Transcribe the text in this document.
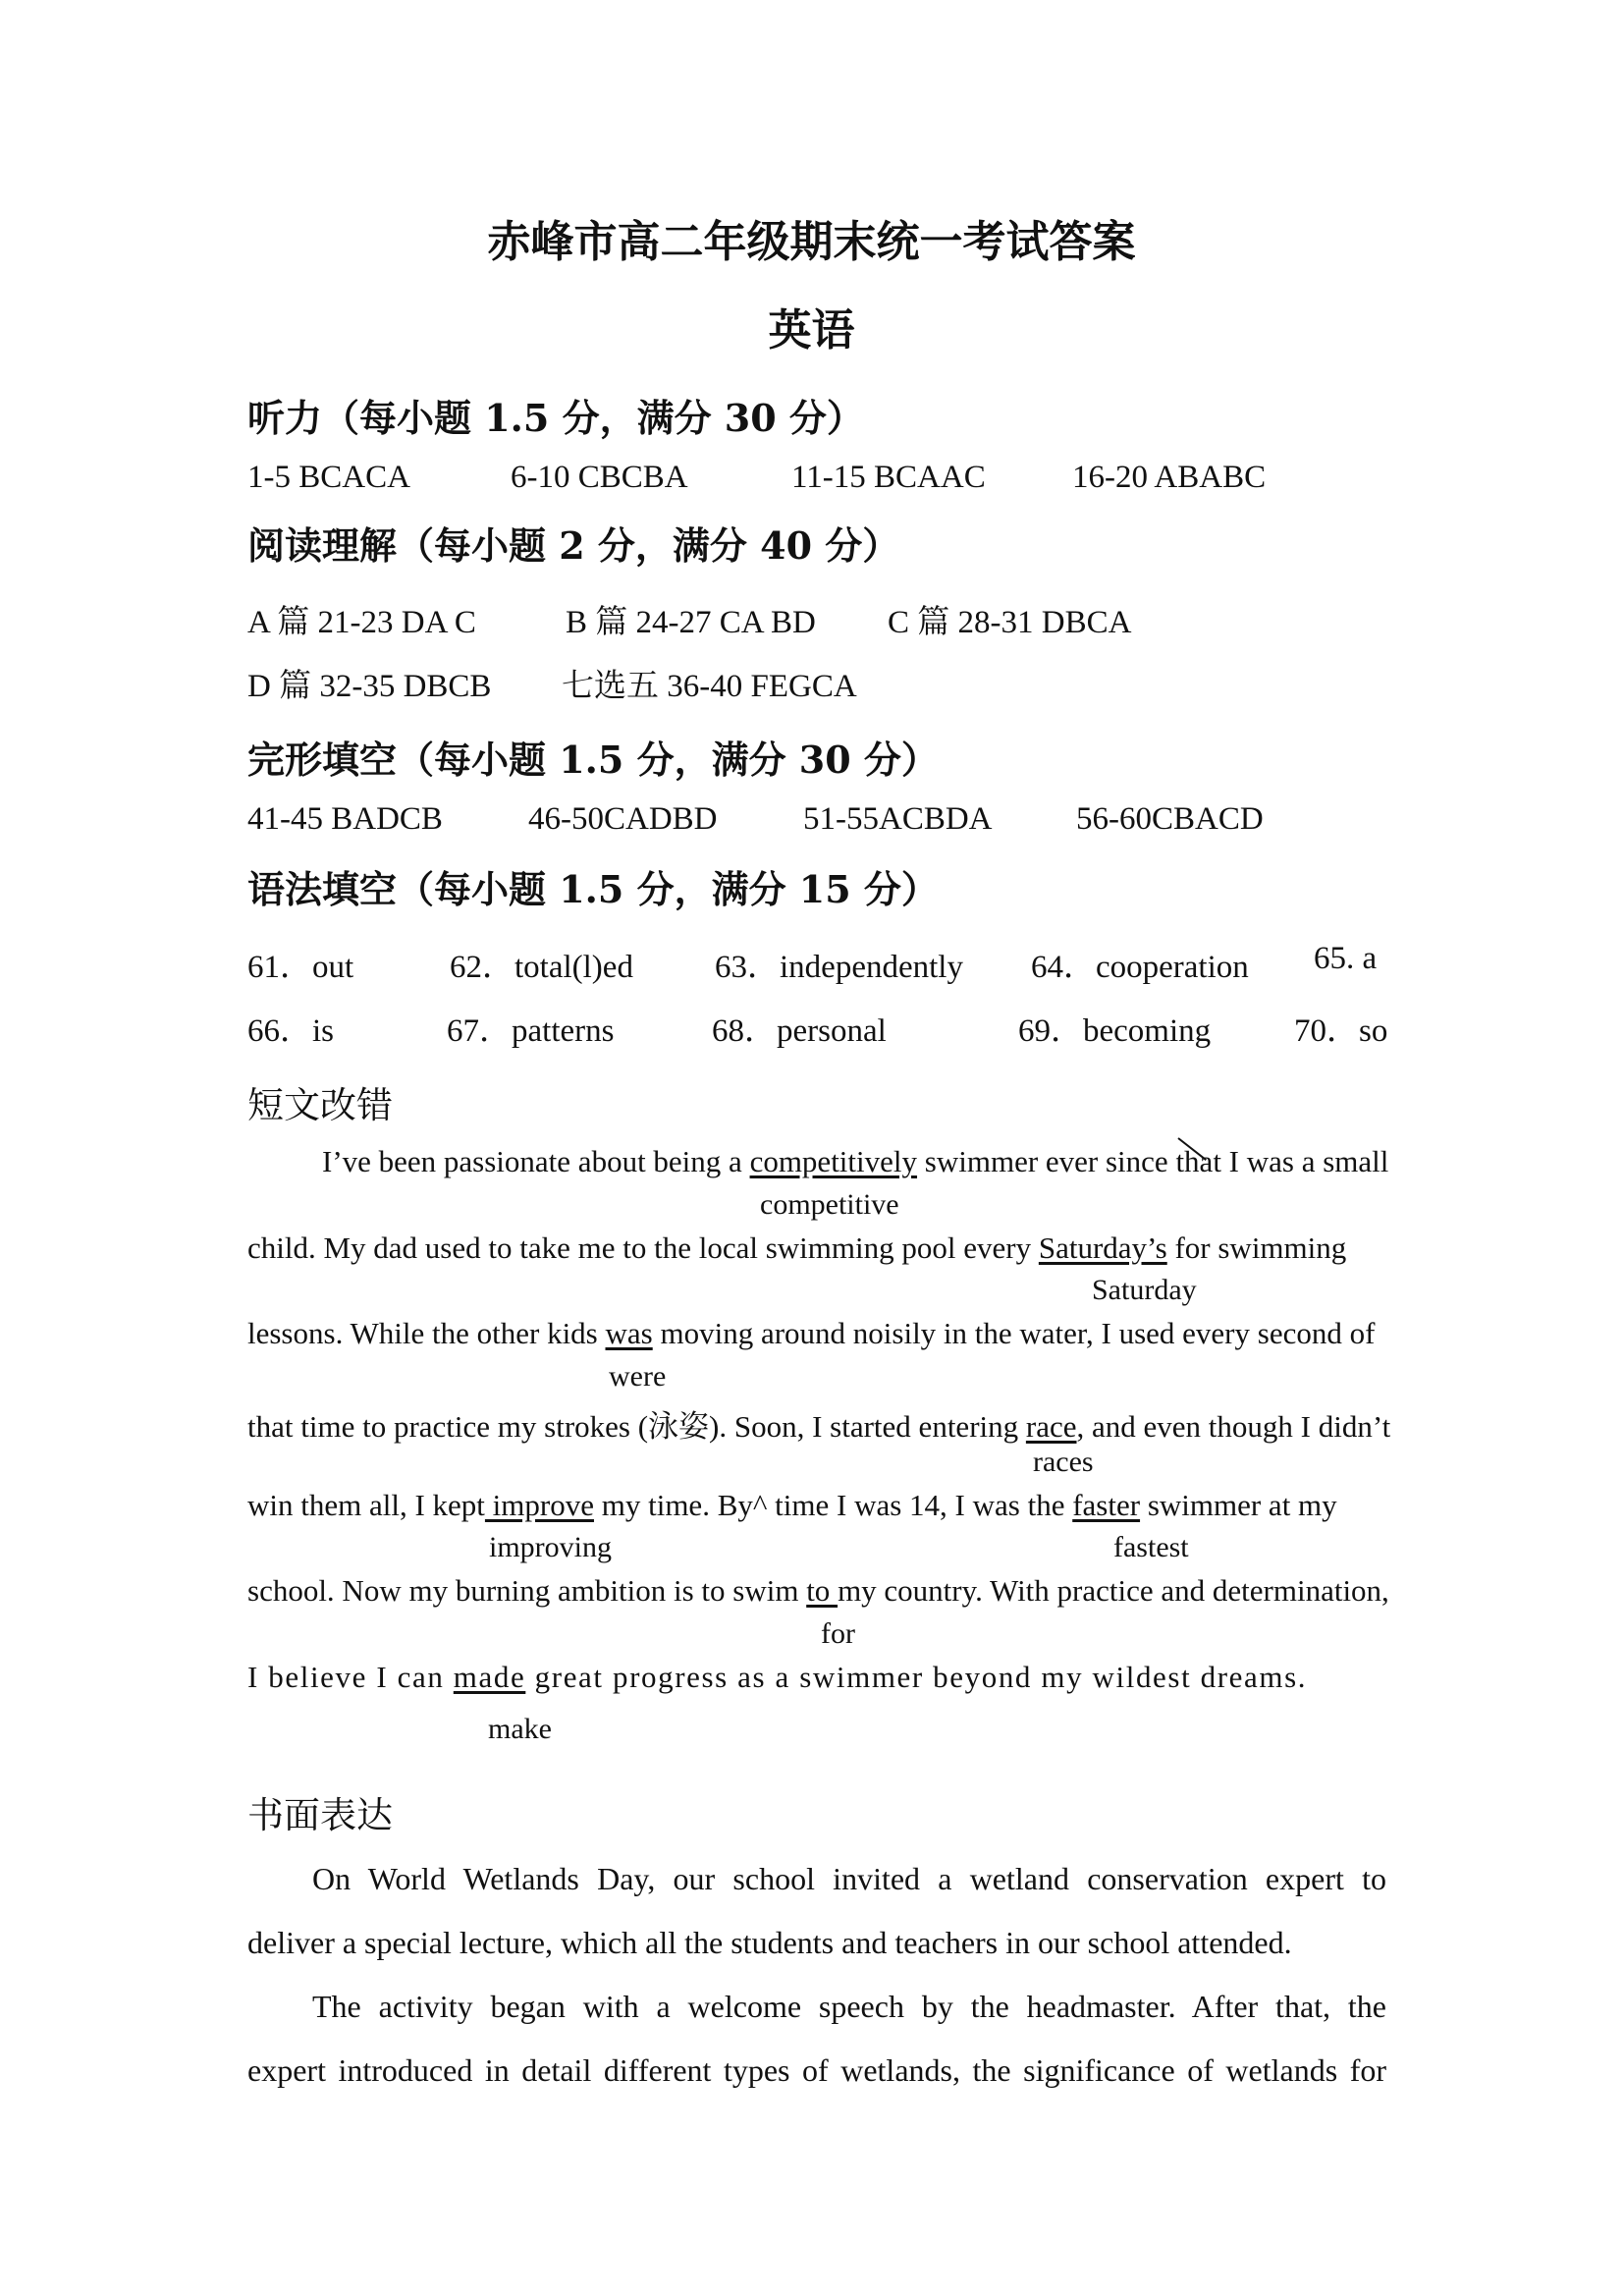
赤峰市高二年级期末统一考试答案
英语
听力（每小题 1.5 分，满分 30 分）
1-5 BCACA	6-10 CBCBA	11-15 BCAAC	16-20 ABABC
阅读理解（每小题 2 分，满分 40 分）
A 篇 21-23 DA C	B 篇 24-27 CA BD C 篇 28-31 DBCA
D 篇 32-35 DBCB 七选五 36-40 FEGCA
完形填空（每小题 1.5 分，满分 30 分）
41-45 BADCB	46-50CADBD	51-55ACBDA	56-60CBACD
语法填空（每小题 1.5 分，满分 15 分）
61．out	62．total(l)ed	63．independently 64．cooperation 65. a
66．is	67．patterns	68．personal	69．becoming	70．so
短文改错
I’ve been passionate about being a competitively swimmer ever since that I was a small
competitive
child. My dad used to take me to the local swimming pool every Saturday’s for swimming
Saturday
lessons. While the other kids was moving around noisily in the water, I used every second of
were
that time to practice my strokes (泳姿). Soon, I started entering race, and even though I didn’t
races
win them all, I kept improve my time. By^ time I was 14, I was the faster swimmer at my
improving	fastest
school. Now my burning ambition is to swim to my country. With practice and determination,
for
I believe I can made great progress as a swimmer beyond my wildest dreams.
make
书面表达
On World Wetlands Day, our school invited a wetland conservation expert to
deliver a special lecture, which all the students and teachers in our school attended.
The activity began with a welcome speech by the headmaster. After that, the
expert introduced in detail different types of wetlands, the significance of wetlands for
